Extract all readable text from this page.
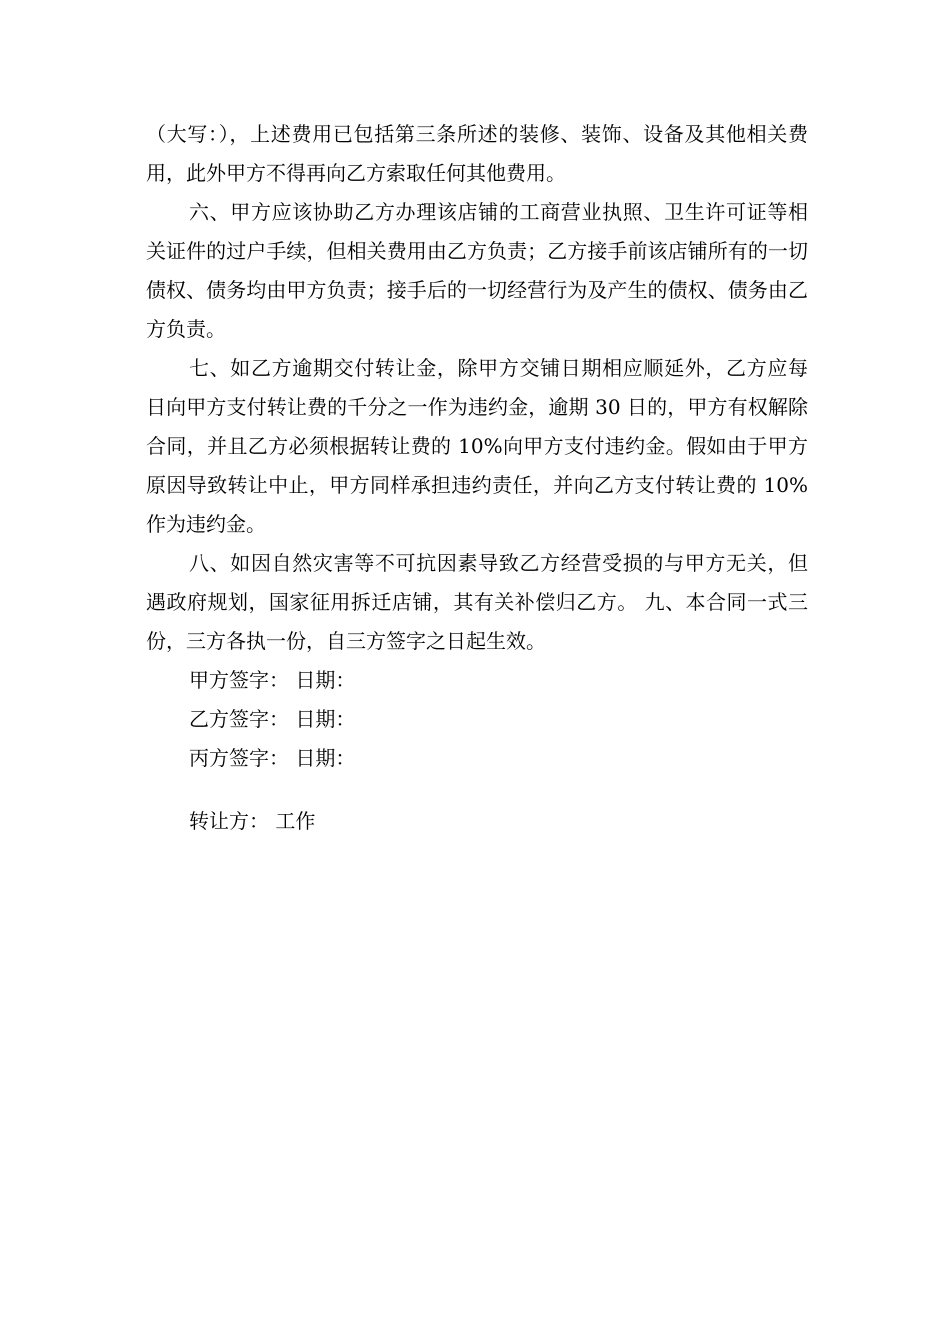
（大写：），上述费用已包括第三条所述的装修、装饰、设备及其他相关费用，此外甲方不得再向乙方索取任何其他费用。

六、甲方应该协助乙方办理该店铺的工商营业执照、卫生许可证等相关证件的过户手续，但相关费用由乙方负责；乙方接手前该店铺所有的一切债权、债务均由甲方负责；接手后的一切经营行为及产生的债权、债务由乙方负责。

七、如乙方逾期交付转让金，除甲方交铺日期相应顺延外，乙方应每日向甲方支付转让费的千分之一作为违约金，逾期 30 日的，甲方有权解除合同，并且乙方必须根据转让费的 10%向甲方支付违约金。假如由于甲方原因导致转让中止，甲方同样承担违约责任，并向乙方支付转让费的 10%作为违约金。

八、如因自然灾害等不可抗因素导致乙方经营受损的与甲方无关，但遇政府规划，国家征用拆迁店铺，其有关补偿归乙方。 九、本合同一式三份，三方各执一份，自三方签字之日起生效。

甲方签字： 日期：
乙方签字： 日期：
丙方签字： 日期：
转让方： 工作
